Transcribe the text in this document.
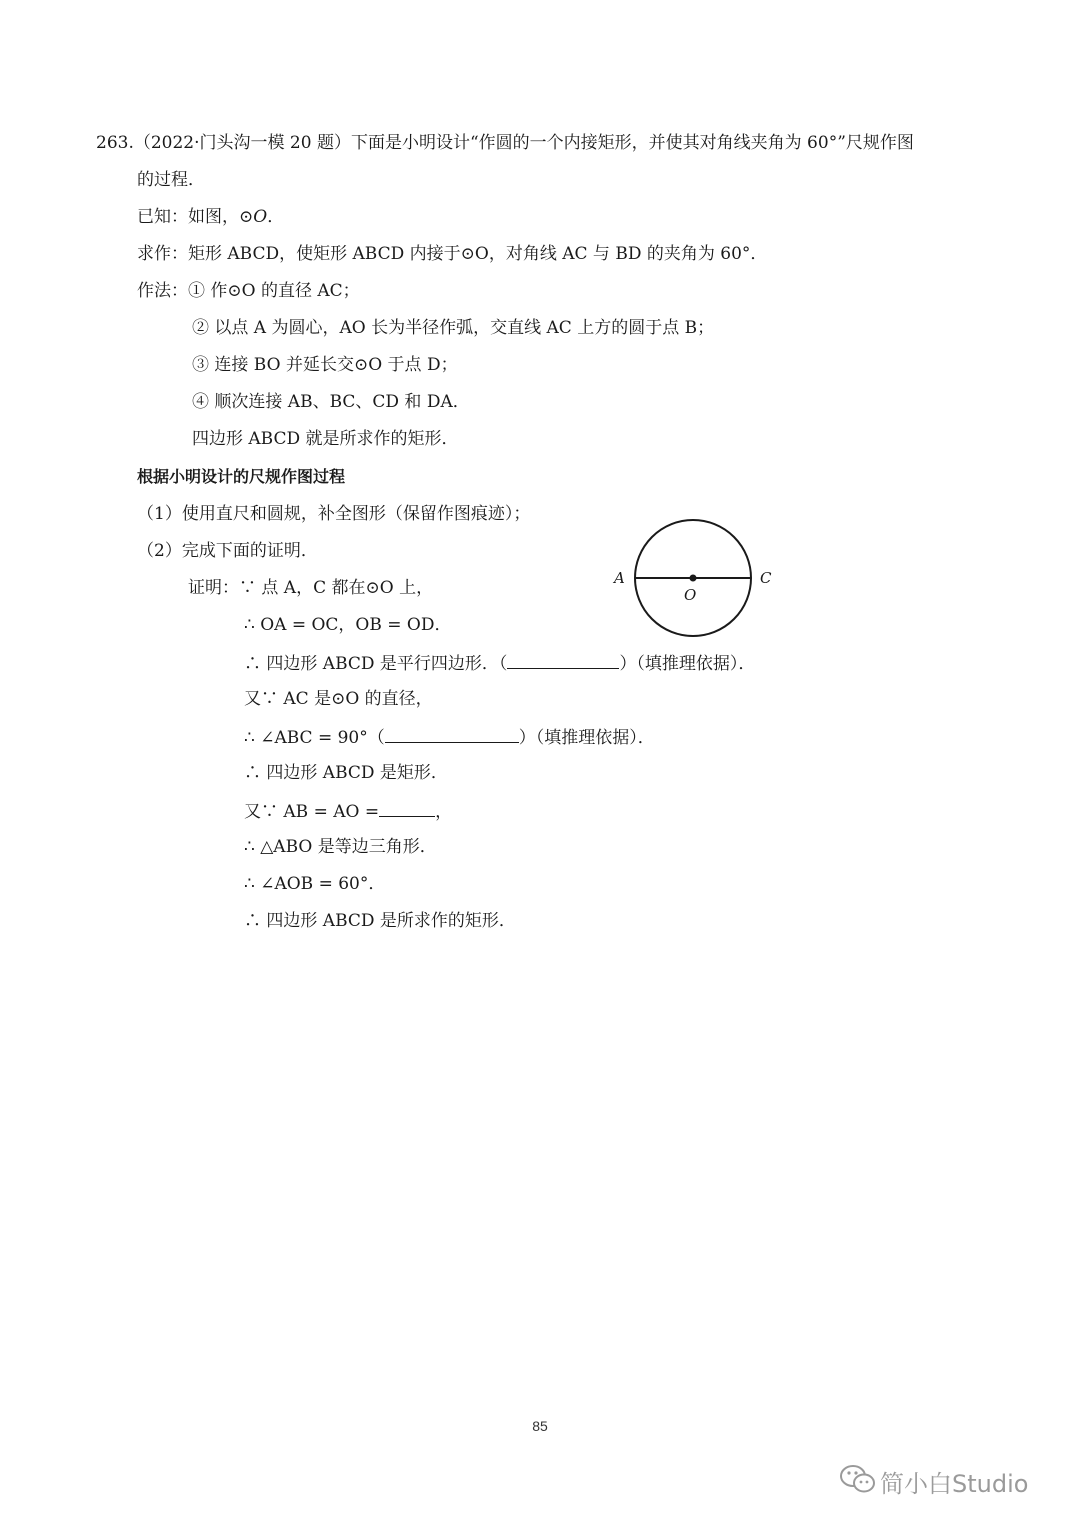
263.（2022·门头沟一模 20 题）下面是小明设计“作圆的一个内接矩形，并使其对角线夹角为 60°”尺规作图
的过程．
已知：如图，⊙O．
求作：矩形 ABCD，使矩形 ABCD 内接于⊙O，对角线 AC 与 BD 的夹角为 60°．
作法：① 作⊙O 的直径 AC；
② 以点 A 为圆心，AO 长为半径作弧，交直线 AC 上方的圆于点 B；
③ 连接 BO 并延长交⊙O 于点 D；
④ 顺次连接 AB、BC、CD 和 DA．
四边形 ABCD 就是所求作的矩形．
根据小明设计的尺规作图过程
（1）使用直尺和圆规，补全图形（保留作图痕迹）；
（2）完成下面的证明．
证明：∵ 点 A，C 都在⊙O 上，
∴ OA = OC，OB = OD．
∴ 四边形 ABCD 是平行四边形．（	）（填推理依据）．
又∵ AC 是⊙O 的直径，
∴ ∠ABC = 90°（	）（填推理依据）．
∴ 四边形 ABCD 是矩形．
又∵ AB = AO =	，
∴ △ABO 是等边三角形．
∴ ∠AOB = 60°．
∴ 四边形 ABCD 是所求作的矩形．
A	C
O
85
简小白Studio
